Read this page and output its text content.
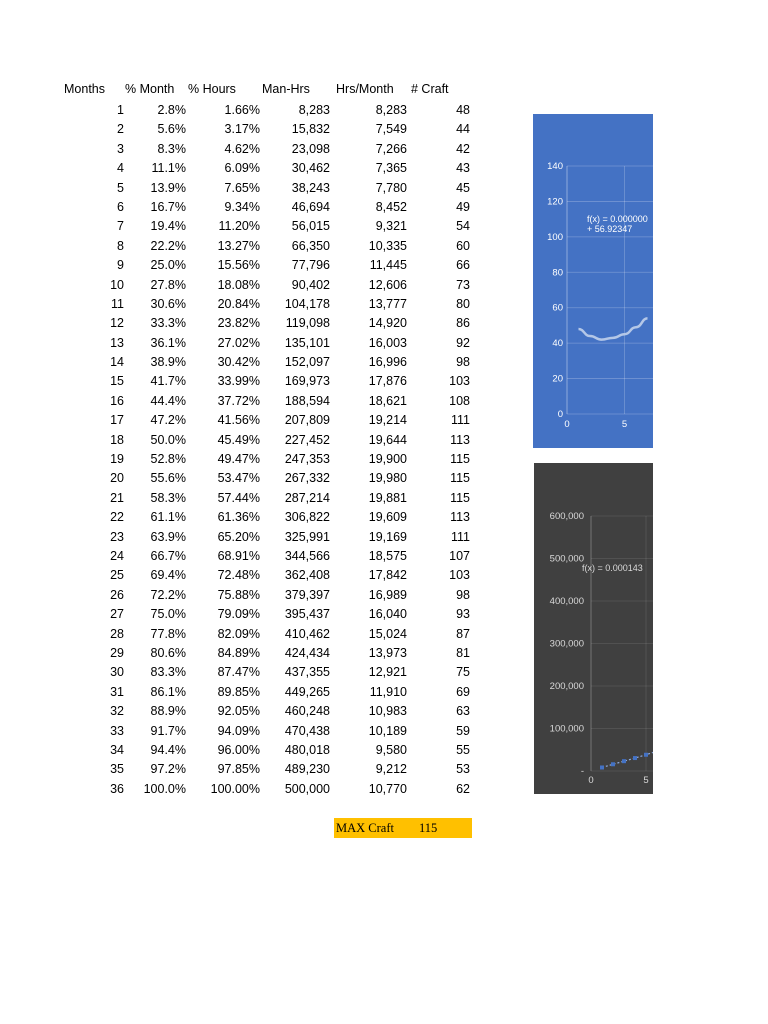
Months % Month % Hours Man-Hrs Hrs/Month # Craft
1	2.8%	1.66%	8,283	8,283	48
2	5.6%	3.17%	15,832	7,549	44
3	8.3%	4.62%	23,098	7,266	42
4	11.1%	6.09%	30,462	7,365	43
5	13.9%	7.65%	38,243	7,780	45
6	16.7%	9.34%	46,694	8,452	49
7	19.4%	11.20%	56,015	9,321	54
8	22.2%	13.27%	66,350	10,335	60
9	25.0%	15.56%	77,796	11,445	66
10	27.8%	18.08%	90,402	12,606	73
11	30.6%	20.84%	104,178	13,777	80
12	33.3%	23.82%	119,098	14,920	86
13	36.1%	27.02%	135,101	16,003	92
14	38.9%	30.42%	152,097	16,996	98
15	41.7%	33.99%	169,973	17,876	103
16	44.4%	37.72%	188,594	18,621	108
17	47.2%	41.56%	207,809	19,214	111
18	50.0%	45.49%	227,452	19,644	113
19	52.8%	49.47%	247,353	19,900	115
20	55.6%	53.47%	267,332	19,980	115
21	58.3%	57.44%	287,214	19,881	115
22	61.1%	61.36%	306,822	19,609	113
23	63.9%	65.20%	325,991	19,169	111
24	66.7%	68.91%	344,566	18,575	107
25	69.4%	72.48%	362,408	17,842	103
26	72.2%	75.88%	379,397	16,989	98
27	75.0%	79.09%	395,437	16,040	93
28	77.8%	82.09%	410,462	15,024	87
29	80.6%	84.89%	424,434	13,973	81
30	83.3%	87.47%	437,355	12,921	75
31	86.1%	89.85%	449,265	11,910	69
32	88.9%	92.05%	460,248	10,983	63
33	91.7%	94.09%	470,438	10,189	59
34	94.4%	96.00%	480,018	9,580	55
35	97.2%	97.85%	489,230	9,212	53
36	100.0%	100.00%	500,000	10,770	62
MAX Craft 115
140
120
100
80
60
40
20
0
0	5
f(x) = 0.000000
+ 56.92347
600,000
500,000
400,000
300,000
200,000
100,000
-
0	5
f(x) = 0.000143
